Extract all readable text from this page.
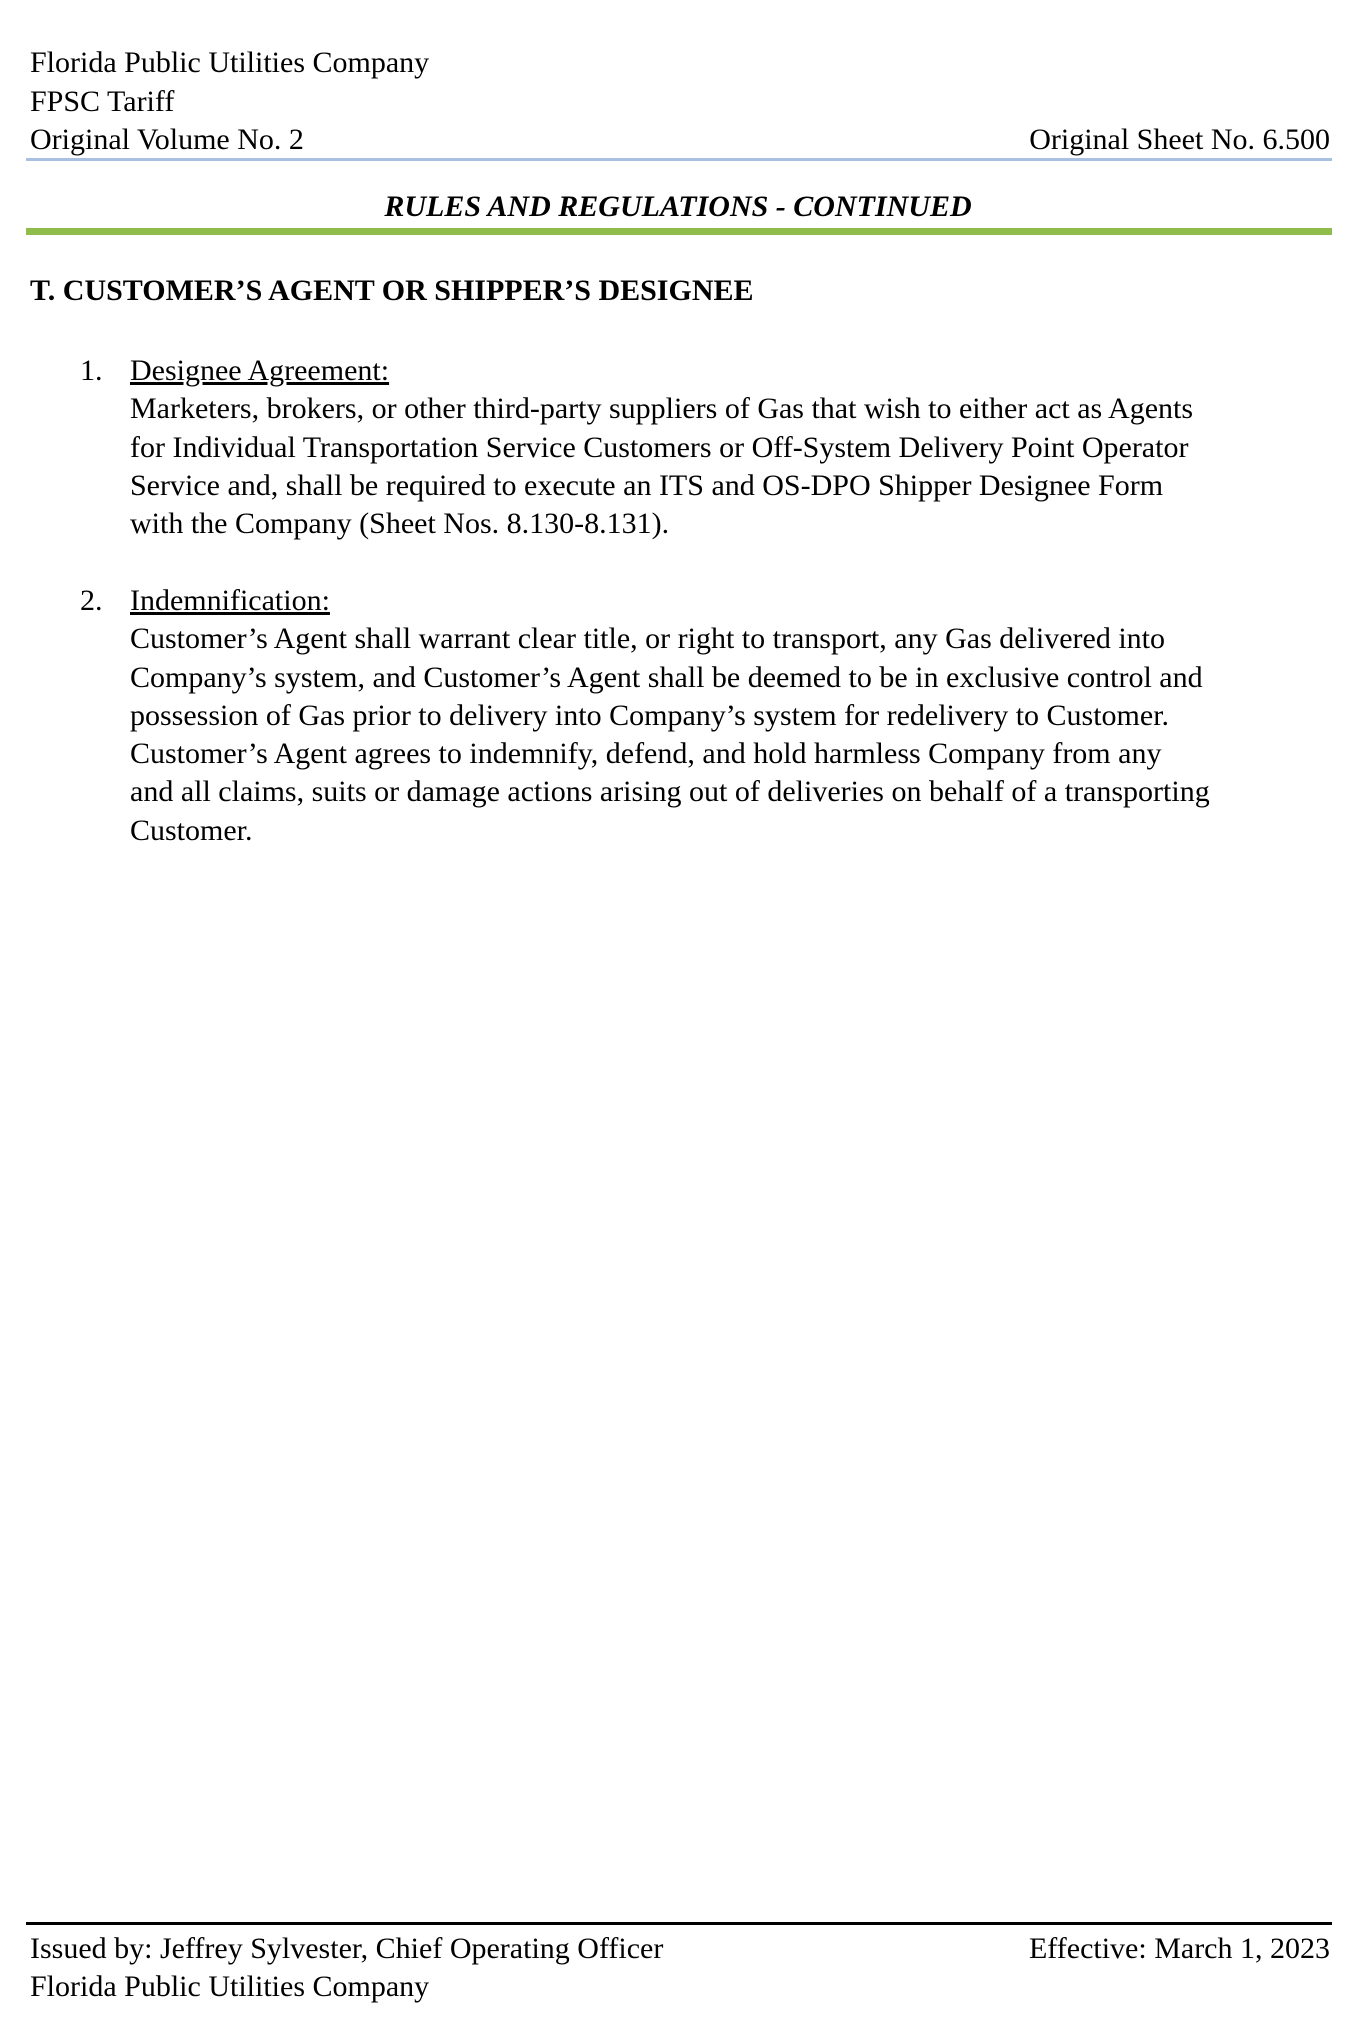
Florida Public Utilities Company
FPSC Tariff
Original Volume No. 2	Original Sheet No. 6.500
RULES AND REGULATIONS - CONTINUED
T. CUSTOMER’S AGENT OR SHIPPER’S DESIGNEE
1. Designee Agreement:
Marketers, brokers, or other third-party suppliers of Gas that wish to either act as Agents
for Individual Transportation Service Customers or Off-System Delivery Point Operator
Service and, shall be required to execute an ITS and OS-DPO Shipper Designee Form
with the Company (Sheet Nos. 8.130-8.131).
2. Indemnification:
Customer’s Agent shall warrant clear title, or right to transport, any Gas delivered into
Company’s system, and Customer’s Agent shall be deemed to be in exclusive control and
possession of Gas prior to delivery into Company’s system for redelivery to Customer.
Customer’s Agent agrees to indemnify, defend, and hold harmless Company from any
and all claims, suits or damage actions arising out of deliveries on behalf of a transporting
Customer.
Issued by: Jeffrey Sylvester, Chief Operating Officer	Effective: March 1, 2023
Florida Public Utilities Company
